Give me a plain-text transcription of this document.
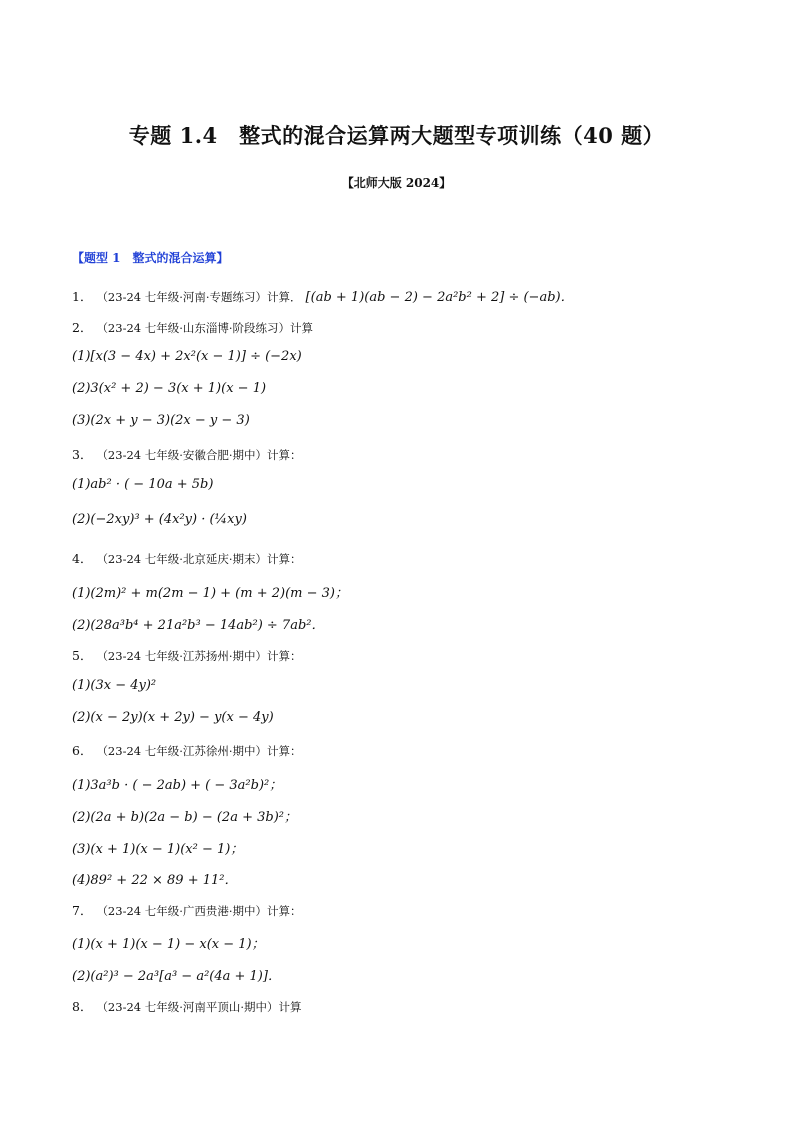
专题 1.4　整式的混合运算两大题型专项训练（40 题）
【北师大版 2024】
【题型 1　整式的混合运算】
1． （23-24 七年级·河南·专题练习）计算． [(ab + 1)(ab − 2) − 2a²b² + 2] ÷ (−ab)．
2． （23-24 七年级·山东淄博·阶段练习）计算
(1)[x(3 − 4x) + 2x²(x − 1)] ÷ (−2x)
(2)3(x² + 2) − 3(x + 1)(x − 1)
(3)(2x + y − 3)(2x − y − 3)
3． （23-24 七年级·安徽合肥·期中）计算：
(1)ab² · ( − 10a + 5b)
(2)(−2xy)³ + (4x²y) · (¼xy)
4． （23-24 七年级·北京延庆·期末）计算：
(1)(2m)² + m(2m − 1) + (m + 2)(m − 3)；
(2)(28a³b⁴ + 21a²b³ − 14ab²) ÷ 7ab²．
5． （23-24 七年级·江苏扬州·期中）计算：
(1)(3x − 4y)²
(2)(x − 2y)(x + 2y) − y(x − 4y)
6． （23-24 七年级·江苏徐州·期中）计算：
(1)3a³b · ( − 2ab) + ( − 3a²b)²；
(2)(2a + b)(2a − b) − (2a + 3b)²；
(3)(x + 1)(x − 1)(x² − 1)；
(4)89² + 22 × 89 + 11²．
7． （23-24 七年级·广西贵港·期中）计算：
(1)(x + 1)(x − 1) − x(x − 1)；
(2)(a²)³ − 2a³[a³ − a²(4a + 1)]．
8． （23-24 七年级·河南平顶山·期中）计算
